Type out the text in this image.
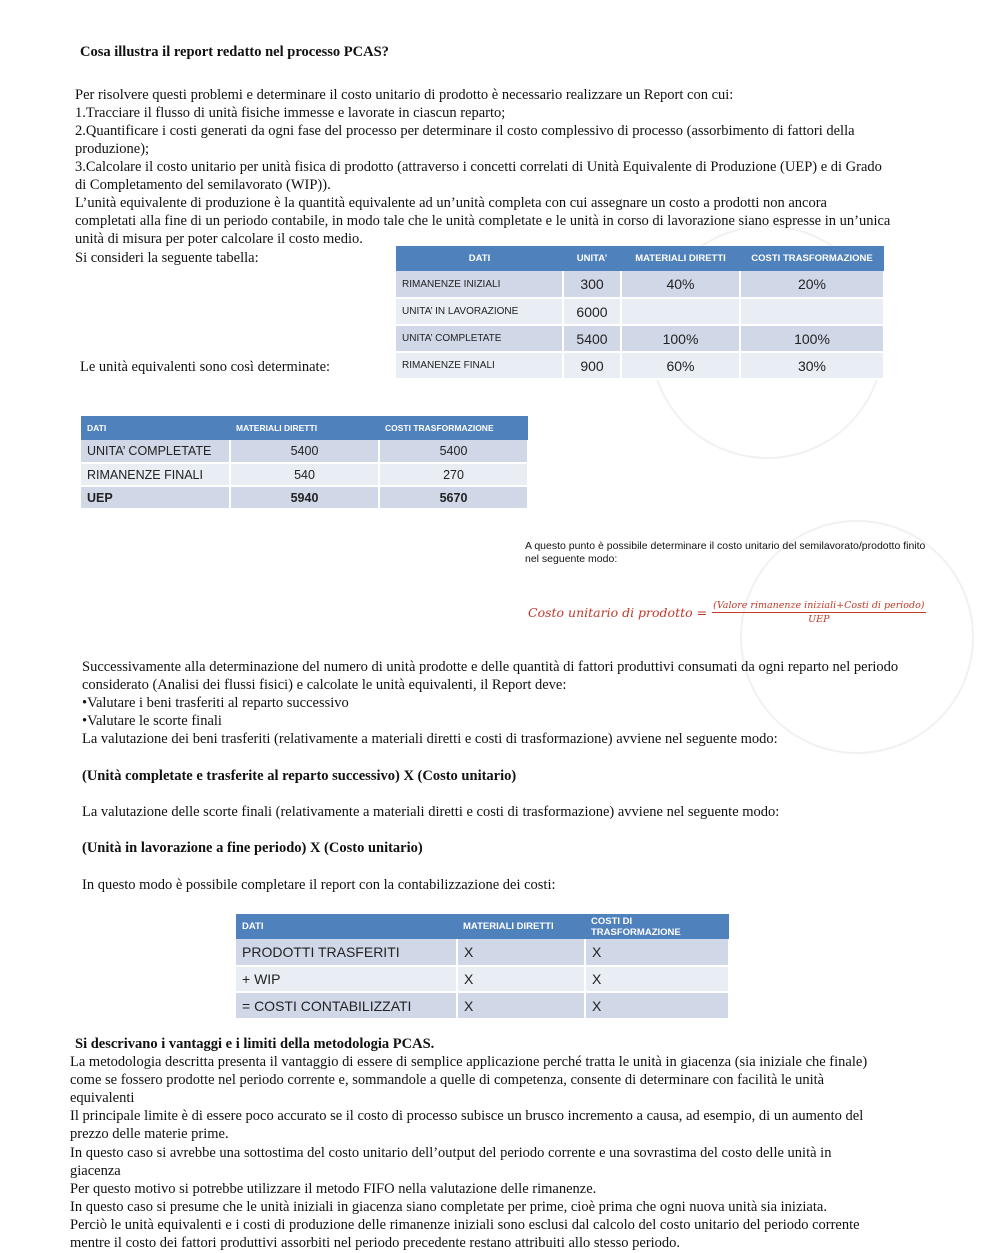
Cosa illustra il report redatto nel processo PCAS?
Per risolvere questi problemi e determinare il costo unitario di prodotto è necessario realizzare un Report con cui:
1.Tracciare il flusso di unità fisiche immesse e lavorate in ciascun reparto;
2.Quantificare i costi generati da ogni fase del processo per determinare il costo complessivo di processo (assorbimento di fattori della
produzione);
3.Calcolare il costo unitario per unità fisica di prodotto (attraverso i concetti correlati di Unità Equivalente di Produzione (UEP) e di Grado
di Completamento del semilavorato (WIP)).
L’unità equivalente di produzione è la quantità equivalente ad un’unità completa con cui assegnare un costo a prodotti non ancora
completati alla fine di un periodo contabile, in modo tale che le unità completate e le unità in corso di lavorazione siano espresse in un’unica
unità di misura per poter calcolare il costo medio.
Si consideri la seguente tabella:
Le unità equivalenti sono così determinate:
DATI	UNITA’	MATERIALI DIRETTI	COSTI TRASFORMAZIONE
RIMANENZE INIZIALI	300	40%	20%
UNITA’ IN LAVORAZIONE	6000		
UNITA’ COMPLETATE	5400	100%	100%
RIMANENZE FINALI	900	60%	30%
DATI	MATERIALI DIRETTI	COSTI TRASFORMAZIONE
UNITA’ COMPLETATE	5400	5400
RIMANENZE FINALI	540	270
UEP	5940	5670
A questo punto è possibile determinare il costo unitario del semilavorato/prodotto finito
nel seguente modo:
Costo unitario di prodotto = (Valore rimanenze iniziali+Costi di periodo)
UEP
Successivamente alla determinazione del numero di unità prodotte e delle quantità di fattori produttivi consumati da ogni reparto nel periodo
considerato (Analisi dei flussi fisici) e calcolate le unità equivalenti, il Report deve:
•Valutare i beni trasferiti al reparto successivo
•Valutare le scorte finali
La valutazione dei beni trasferiti (relativamente a materiali diretti e costi di trasformazione) avviene nel seguente modo:
(Unità completate e trasferite al reparto successivo) X (Costo unitario)
La valutazione delle scorte finali (relativamente a materiali diretti e costi di trasformazione) avviene nel seguente modo:
(Unità in lavorazione a fine periodo) X (Costo unitario)
In questo modo è possibile completare il report con la contabilizzazione dei costi:
DATI	MATERIALI DIRETTI	COSTI DI TRASFORMAZIONE
PRODOTTI TRASFERITI	X	X
+ WIP	X	X
= COSTI CONTABILIZZATI	X	X
Si descrivano i vantaggi e i limiti della metodologia PCAS.
La metodologia descritta presenta il vantaggio di essere di semplice applicazione perché tratta le unità in giacenza (sia iniziale che finale)
come se fossero prodotte nel periodo corrente e, sommandole a quelle di competenza, consente di determinare con facilità le unità
equivalenti
Il principale limite è di essere poco accurato se il costo di processo subisce un brusco incremento a causa, ad esempio, di un aumento del
prezzo delle materie prime.
In questo caso si avrebbe una sottostima del costo unitario dell’output del periodo corrente e una sovrastima del costo delle unità in
giacenza
Per questo motivo si potrebbe utilizzare il metodo FIFO nella valutazione delle rimanenze.
In questo caso si presume che le unità iniziali in giacenza siano completate per prime, cioè prima che ogni nuova unità sia iniziata.
Perciò le unità equivalenti e i costi di produzione delle rimanenze iniziali sono esclusi dal calcolo del costo unitario del periodo corrente
mentre il costo dei fattori produttivi assorbiti nel periodo precedente restano attribuiti allo stesso periodo.
